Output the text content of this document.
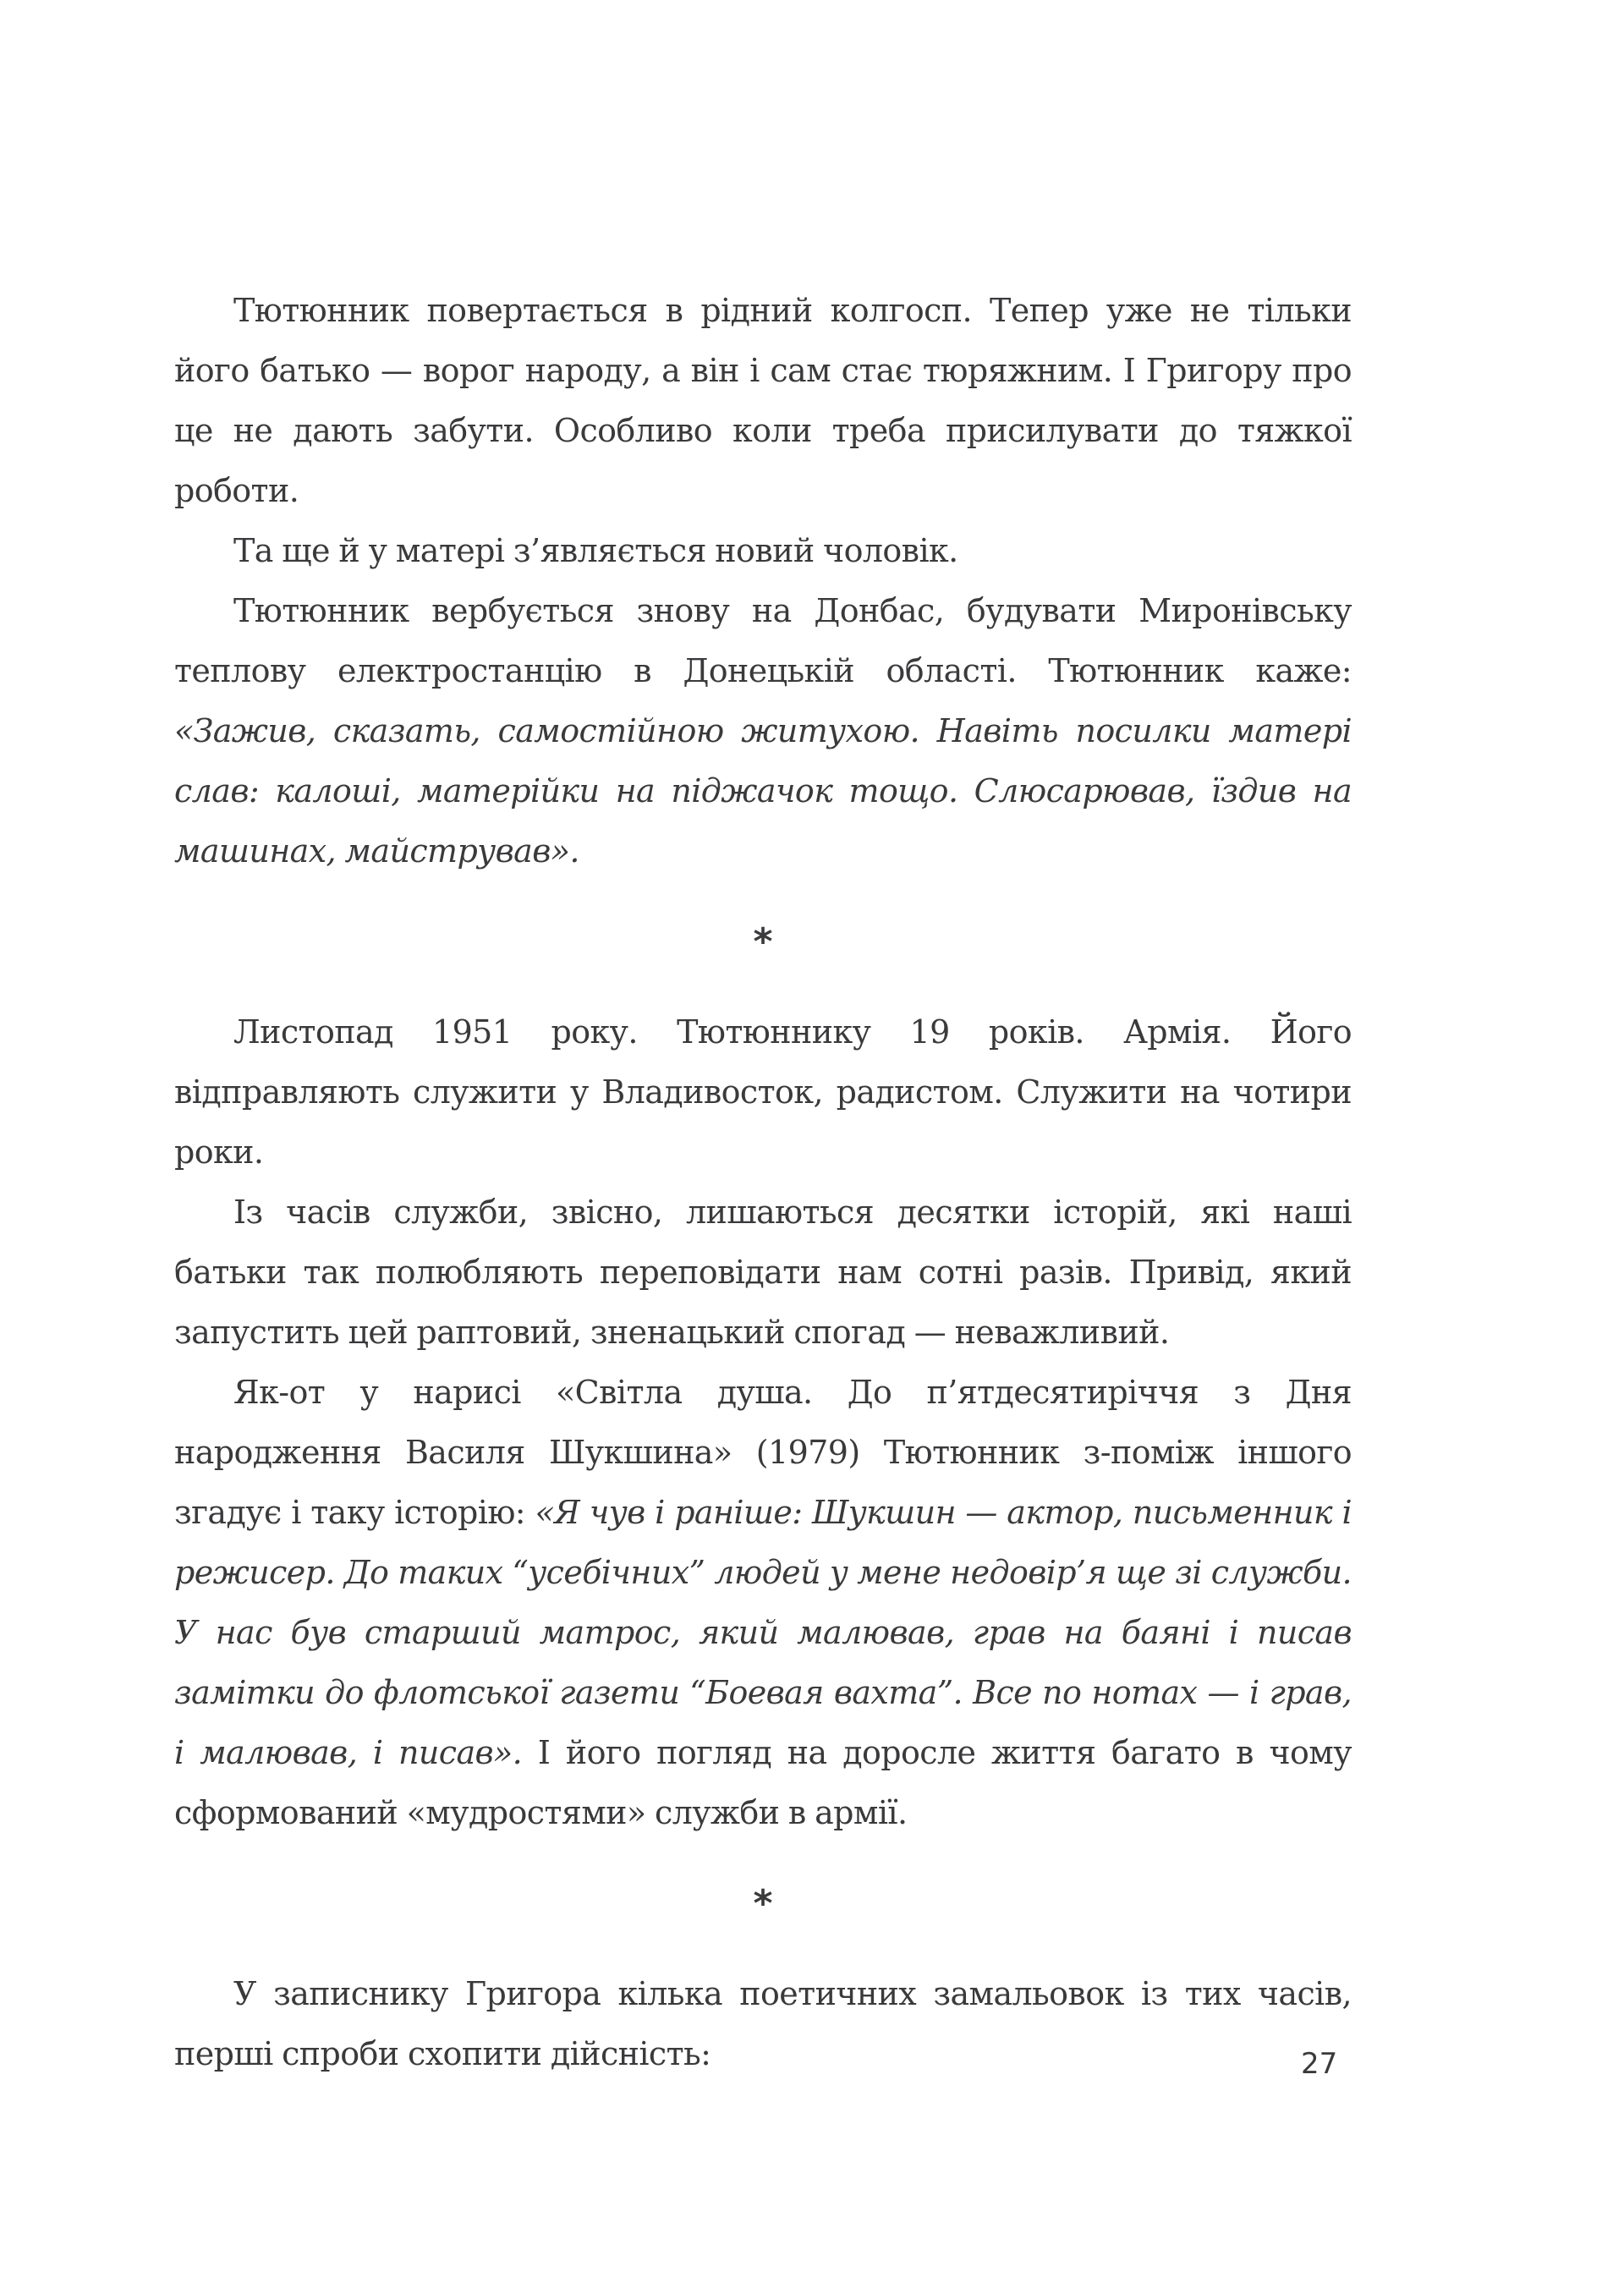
Тютюнник повертається в рідний колгосп. Тепер уже не тільки його батько — ворог народу, а він і сам стає тюряжним. І Григору про це не дають забути. Особливо коли треба присилувати до тяжкої роботи.

Та ще й у матері з’являється новий чоловік.

Тютюнник вербується знову на Донбас, будувати Миронівську теплову електростанцію в Донецькій області. Тютюнник каже: «Зажив, сказать, самостійною житухою. Навіть посилки матері слав: калоші, матерійки на піджачок тощо. Слюсарював, їздив на машинах, майстрував».

*

Листопад 1951 року. Тютюннику 19 років. Армія. Його відправляють служити у Владивосток, радистом. Служити на чотири роки.

Із часів служби, звісно, лишаються десятки історій, які наші батьки так полюбляють переповідати нам сотні разів. Привід, який запустить цей раптовий, зненацький спогад — неважливий.

Як-от у нарисі «Світла душа. До п’ятдесятиріччя з Дня народження Василя Шукшина» (1979) Тютюнник з-поміж іншого згадує і таку історію: «Я чув і раніше: Шукшин — актор, письменник і режисер. До таких “усебічних” людей у мене недовір’я ще зі служби. У нас був старший матрос, який малював, грав на баяні і писав замітки до флотської газети “Боевая вахта”. Все по нотах — і грав, і малював, і писав». І його погляд на доросле життя багато в чому сформований «мудростями» служби в армії.

*

У записнику Григора кілька поетичних замальовок із тих часів, перші спроби схопити дійсність:	27
